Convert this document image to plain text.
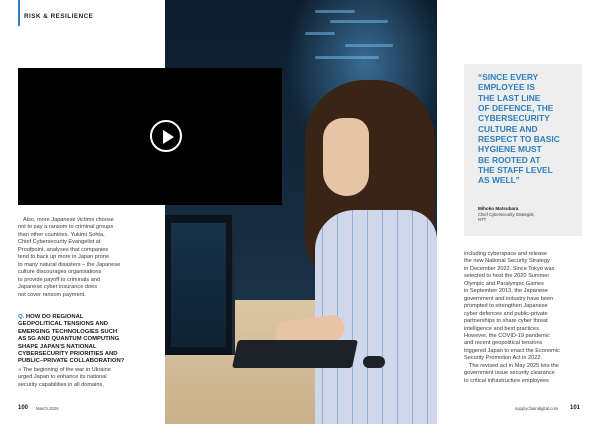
RISK & RESILIENCE
Also, more Japanese victims choose
not to pay a ransom to criminal groups
than other countries. Yukimi Sohta,
Chief Cybersecurity Evangelist at
Proofpoint, analyses that companies
tend to back up more in Japan prone
to many natural disasters – the Japanese
culture discourages organisations
to provide payoff to criminals and
Japanese cyber insurance does
not cover ransom payment.
Q. HOW DO REGIONAL
GEOPOLITICAL TENSIONS AND
EMERGING TECHNOLOGIES SUCH
AS 5G AND QUANTUM COMPUTING
SHAPE JAPAN'S NATIONAL
CYBERSECURITY PRIORITIES AND
PUBLIC–PRIVATE COLLABORATION?
» The beginning of the war in Ukraine
urged Japan to enhance its national
security capabilities in all domains,
“SINCE EVERY
EMPLOYEE IS
THE LAST LINE
OF DEFENCE, THE
CYBERSECURITY
CULTURE AND
RESPECT TO BASIC
HYGIENE MUST
BE ROOTED AT
THE STAFF LEVEL
AS WELL”
Mihoko Matsubara
Chief Cybersecurity Strategist,
NTT
including cyberspace and release
the new National Security Strategy
in December 2022. Since Tokyo was
selected to host the 2020 Summer
Olympic and Paralympic Games
in September 2013, the Japanese
government and industry have been
prompted to strengthen Japanese
cyber defences and public-private
partnerships to share cyber threat
intelligence and best practices.
However, the COVID-19 pandemic
and recent geopolitical tensions
triggered Japan to enact the Economic
Security Promotion Act in 2022.
The revised act in May 2025 lets the
government issue security clearance
to critical infrastructure employees
100 March 2026	supplychaindigital.com 101
